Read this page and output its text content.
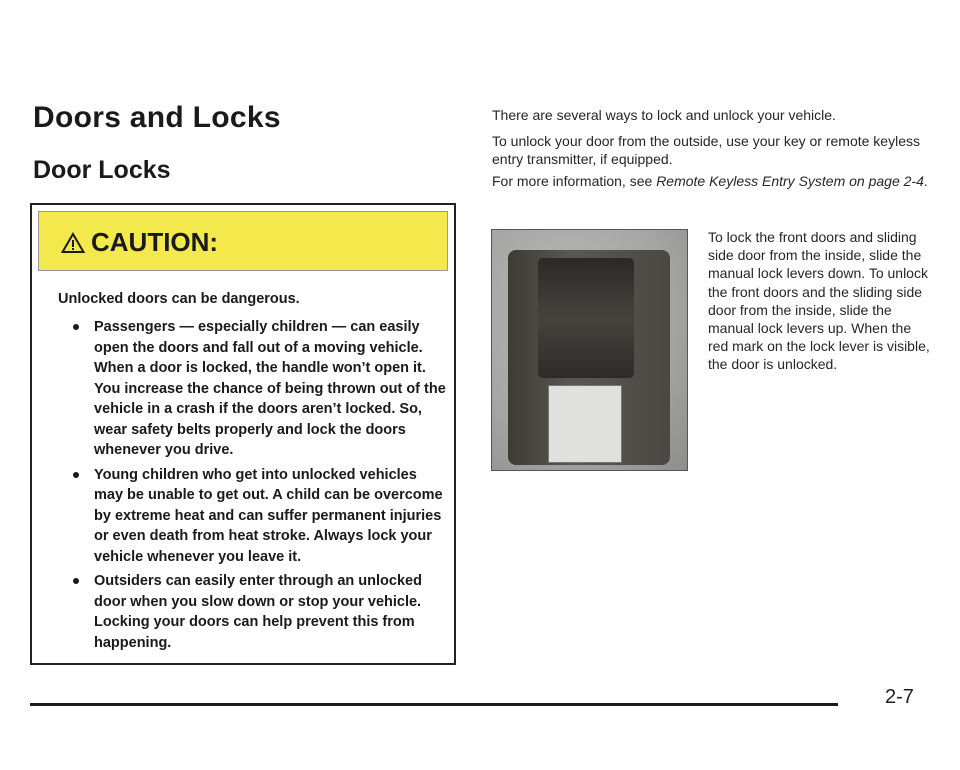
Doors and Locks
Door Locks
CAUTION:
Unlocked doors can be dangerous.
Passengers — especially children — can easily open the doors and fall out of a moving vehicle. When a door is locked, the handle won’t open it. You increase the chance of being thrown out of the vehicle in a crash if the doors aren’t locked. So, wear safety belts properly and lock the doors whenever you drive.
Young children who get into unlocked vehicles may be unable to get out. A child can be overcome by extreme heat and can suffer permanent injuries or even death from heat stroke. Always lock your vehicle whenever you leave it.
Outsiders can easily enter through an unlocked door when you slow down or stop your vehicle. Locking your doors can help prevent this from happening.

There are several ways to lock and unlock your vehicle.

To unlock your door from the outside, use your key or remote keyless entry transmitter, if equipped.

For more information, see Remote Keyless Entry System on page 2-4.

To lock the front doors and sliding side door from the inside, slide the manual lock levers down. To unlock the front doors and the sliding side door from the inside, slide the manual lock levers up. When the red mark on the lock lever is visible, the door is unlocked.

2-7
